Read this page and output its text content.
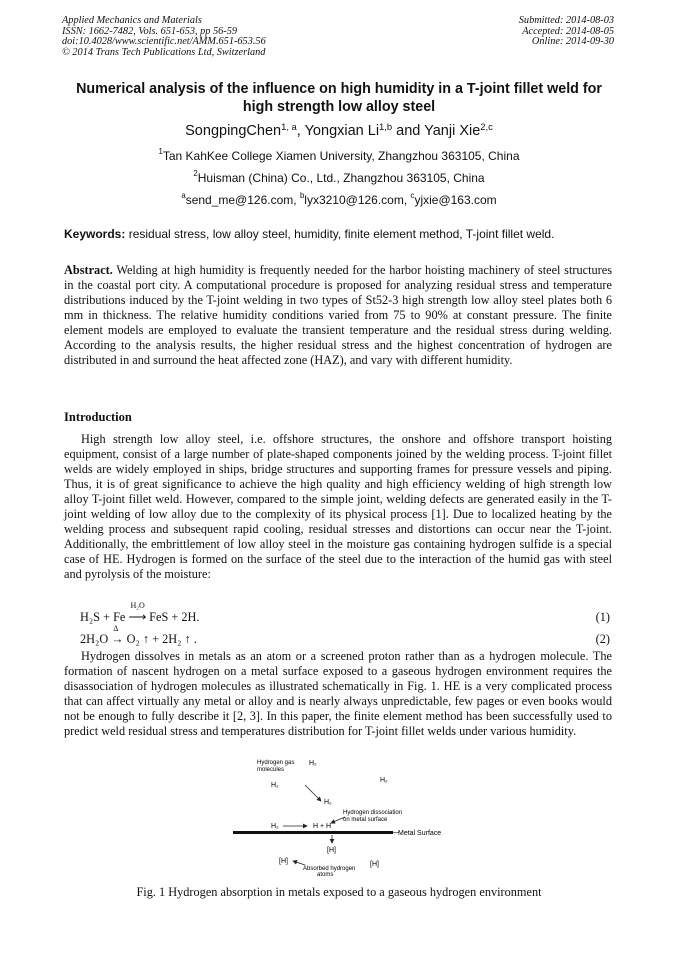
Applied Mechanics and Materials
ISSN: 1662-7482, Vols. 651-653, pp 56-59
doi:10.4028/www.scientific.net/AMM.651-653.56
© 2014 Trans Tech Publications Ltd, Switzerland
Submitted: 2014-08-03
Accepted: 2014-08-05
Online: 2014-09-30
Numerical analysis of the influence on high humidity in a T-joint fillet weld for high strength low alloy steel
SongpingChen$^{1, a}$, Yongxian Li$^{1,b}$ and Yanji Xie$^{2,c}$
$^1$Tan KahKee College Xiamen University, Zhangzhou 363105, China
$^2$Huisman (China) Co., Ltd., Zhangzhou 363105, China
$^a$send_me@126.com, $^b$lyx3210@126.com, $^c$yjxie@163.com
Keywords: residual stress, low alloy steel, humidity, finite element method, T-joint fillet weld.
Abstract. Welding at high humidity is frequently needed for the harbor hoisting machinery of steel structures in the coastal port city. A computational procedure is proposed for analyzing residual stress and temperature distributions induced by the T-joint welding in two types of St52-3 high strength low alloy steel plates both 6 mm in thickness. The relative humidity conditions varied from 75 to 90% at constant pressure. The finite element models are employed to evaluate the transient temperature and the residual stress during welding. According to the analysis results, the higher residual stress and the highest concentration of hydrogen are distributed in and surround the heat affected zone (HAZ), and vary with different humidity.
Introduction
High strength low alloy steel, i.e. offshore structures, the onshore and offshore transport hoisting equipment, consist of a large number of plate-shaped components joined by the welding process. T-joint fillet welds are widely employed in ships, bridge structures and supporting frames for pressure vessels and piping. Thus, it is of great significance to achieve the high quality and high efficiency welding of high strength low alloy T-joint fillet weld. However, compared to the simple joint, welding defects are generated easily in the T-joint welding of low alloy due to the complexity of its physical process [1]. Due to localized heating by the welding process and subsequent rapid cooling, residual stresses and distortions can occur near the T-joint. Additionally, the embrittlement of low alloy steel in the moisture gas containing hydrogen sulfide is a special case of HE. Hydrogen is formed on the surface of the steel due to the interaction of the humid gas with steel and pyrolysis of the moisture:
H₂S + Fe
H₂O
⟶ FeS + 2H.	(1)
2H₂O
Δ
→ O₂ ↑ + 2H₂ ↑ .	(2)
Hydrogen dissolves in metals as an atom or a screened proton rather than as a hydrogen molecule. The formation of nascent hydrogen on a metal surface exposed to a gaseous hydrogen environment requires the disassociation of hydrogen molecules as illustrated schematically in Fig. 1. HE is a very complicated process that can affect virtually any metal or alloy and is nearly always unpredictable, few pages or even books would not be enough to fully describe it [2, 3]. In this paper, the finite element method has been successfully used to predict weld residual stress and temperatures distribution for T-joint fillet welds under various humidity.
Hydrogen gas
molecules
H₂
H₂
H₂
H₂
Hydrogen dissociation
on metal surface
H₂	H + H
Metal Surface
[H]
[H]	[H]
Absorbed hydrogen
atoms
Fig. 1 Hydrogen absorption in metals exposed to a gaseous hydrogen environment
